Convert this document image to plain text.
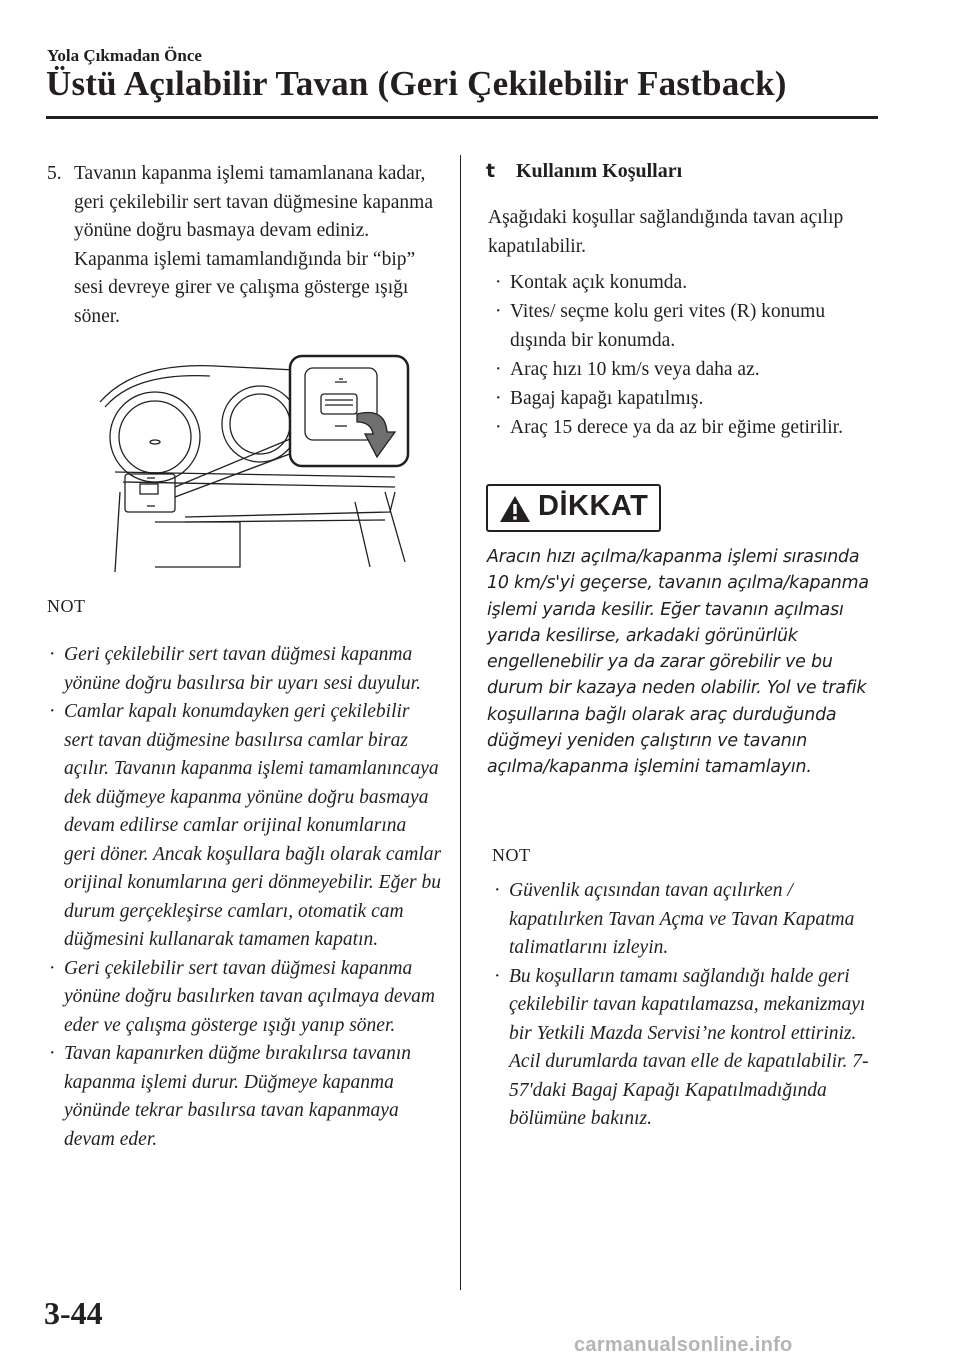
Yola Çıkmadan Önce
Üstü Açılabilir Tavan (Geri Çekilebilir Fastback)
5. Tavanın kapanma işlemi tamamlanana kadar, geri çekilebilir sert tavan düğmesine kapanma yönüne doğru basmaya devam ediniz. Kapanma işlemi tamamlandığında bir “bip” sesi devreye girer ve çalışma gösterge ışığı söner.
NOT
· Geri çekilebilir sert tavan düğmesi kapanma yönüne doğru basılırsa bir uyarı sesi duyulur.
· Camlar kapalı konumdayken geri çekilebilir sert tavan düğmesine basılırsa camlar biraz açılır. Tavanın kapanma işlemi tamamlanıncaya dek düğmeye kapanma yönüne doğru basmaya devam edilirse camlar orijinal konumlarına geri döner. Ancak koşullara bağlı olarak camlar orijinal konumlarına geri dönmeyebilir. Eğer bu durum gerçekleşirse camları, otomatik cam düğmesini kullanarak tamamen kapatın.
· Geri çekilebilir sert tavan düğmesi kapanma yönüne doğru basılırken tavan açılmaya devam eder ve çalışma gösterge ışığı yanıp söner.
· Tavan kapanırken düğme bırakılırsa tavanın kapanma işlemi durur. Düğmeye kapanma yönünde tekrar basılırsa tavan kapanmaya devam eder.
t Kullanım Koşulları
Aşağıdaki koşullar sağlandığında tavan açılıp kapatılabilir.
· Kontak açık konumda.
· Vites/ seçme kolu geri vites (R) konumu dışında bir konumda.
· Araç hızı 10 km/s veya daha az.
· Bagaj kapağı kapatılmış.
· Araç 15 derece ya da az bir eğime getirilir.
DİKKAT
Aracın hızı açılma/kapanma işlemi sırasında 10 km/s'yi geçerse, tavanın açılma/kapanma işlemi yarıda kesilir. Eğer tavanın açılması yarıda kesilirse, arkadaki görünürlük engellenebilir ya da zarar görebilir ve bu durum bir kazaya neden olabilir. Yol ve trafik koşullarına bağlı olarak araç durduğunda düğmeyi yeniden çalıştırın ve tavanın açılma/kapanma işlemini tamamlayın.
NOT
· Güvenlik açısından tavan açılırken / kapatılırken Tavan Açma ve Tavan Kapatma talimatlarını izleyin.
· Bu koşulların tamamı sağlandığı halde geri çekilebilir tavan kapatılamazsa, mekanizmayı bir Yetkili Mazda Servisi’ne kontrol ettiriniz. Acil durumlarda tavan elle de kapatılabilir. 7-57'daki Bagaj Kapağı Kapatılmadığında bölümüne bakınız.
3-44
carmanualsonline.info
